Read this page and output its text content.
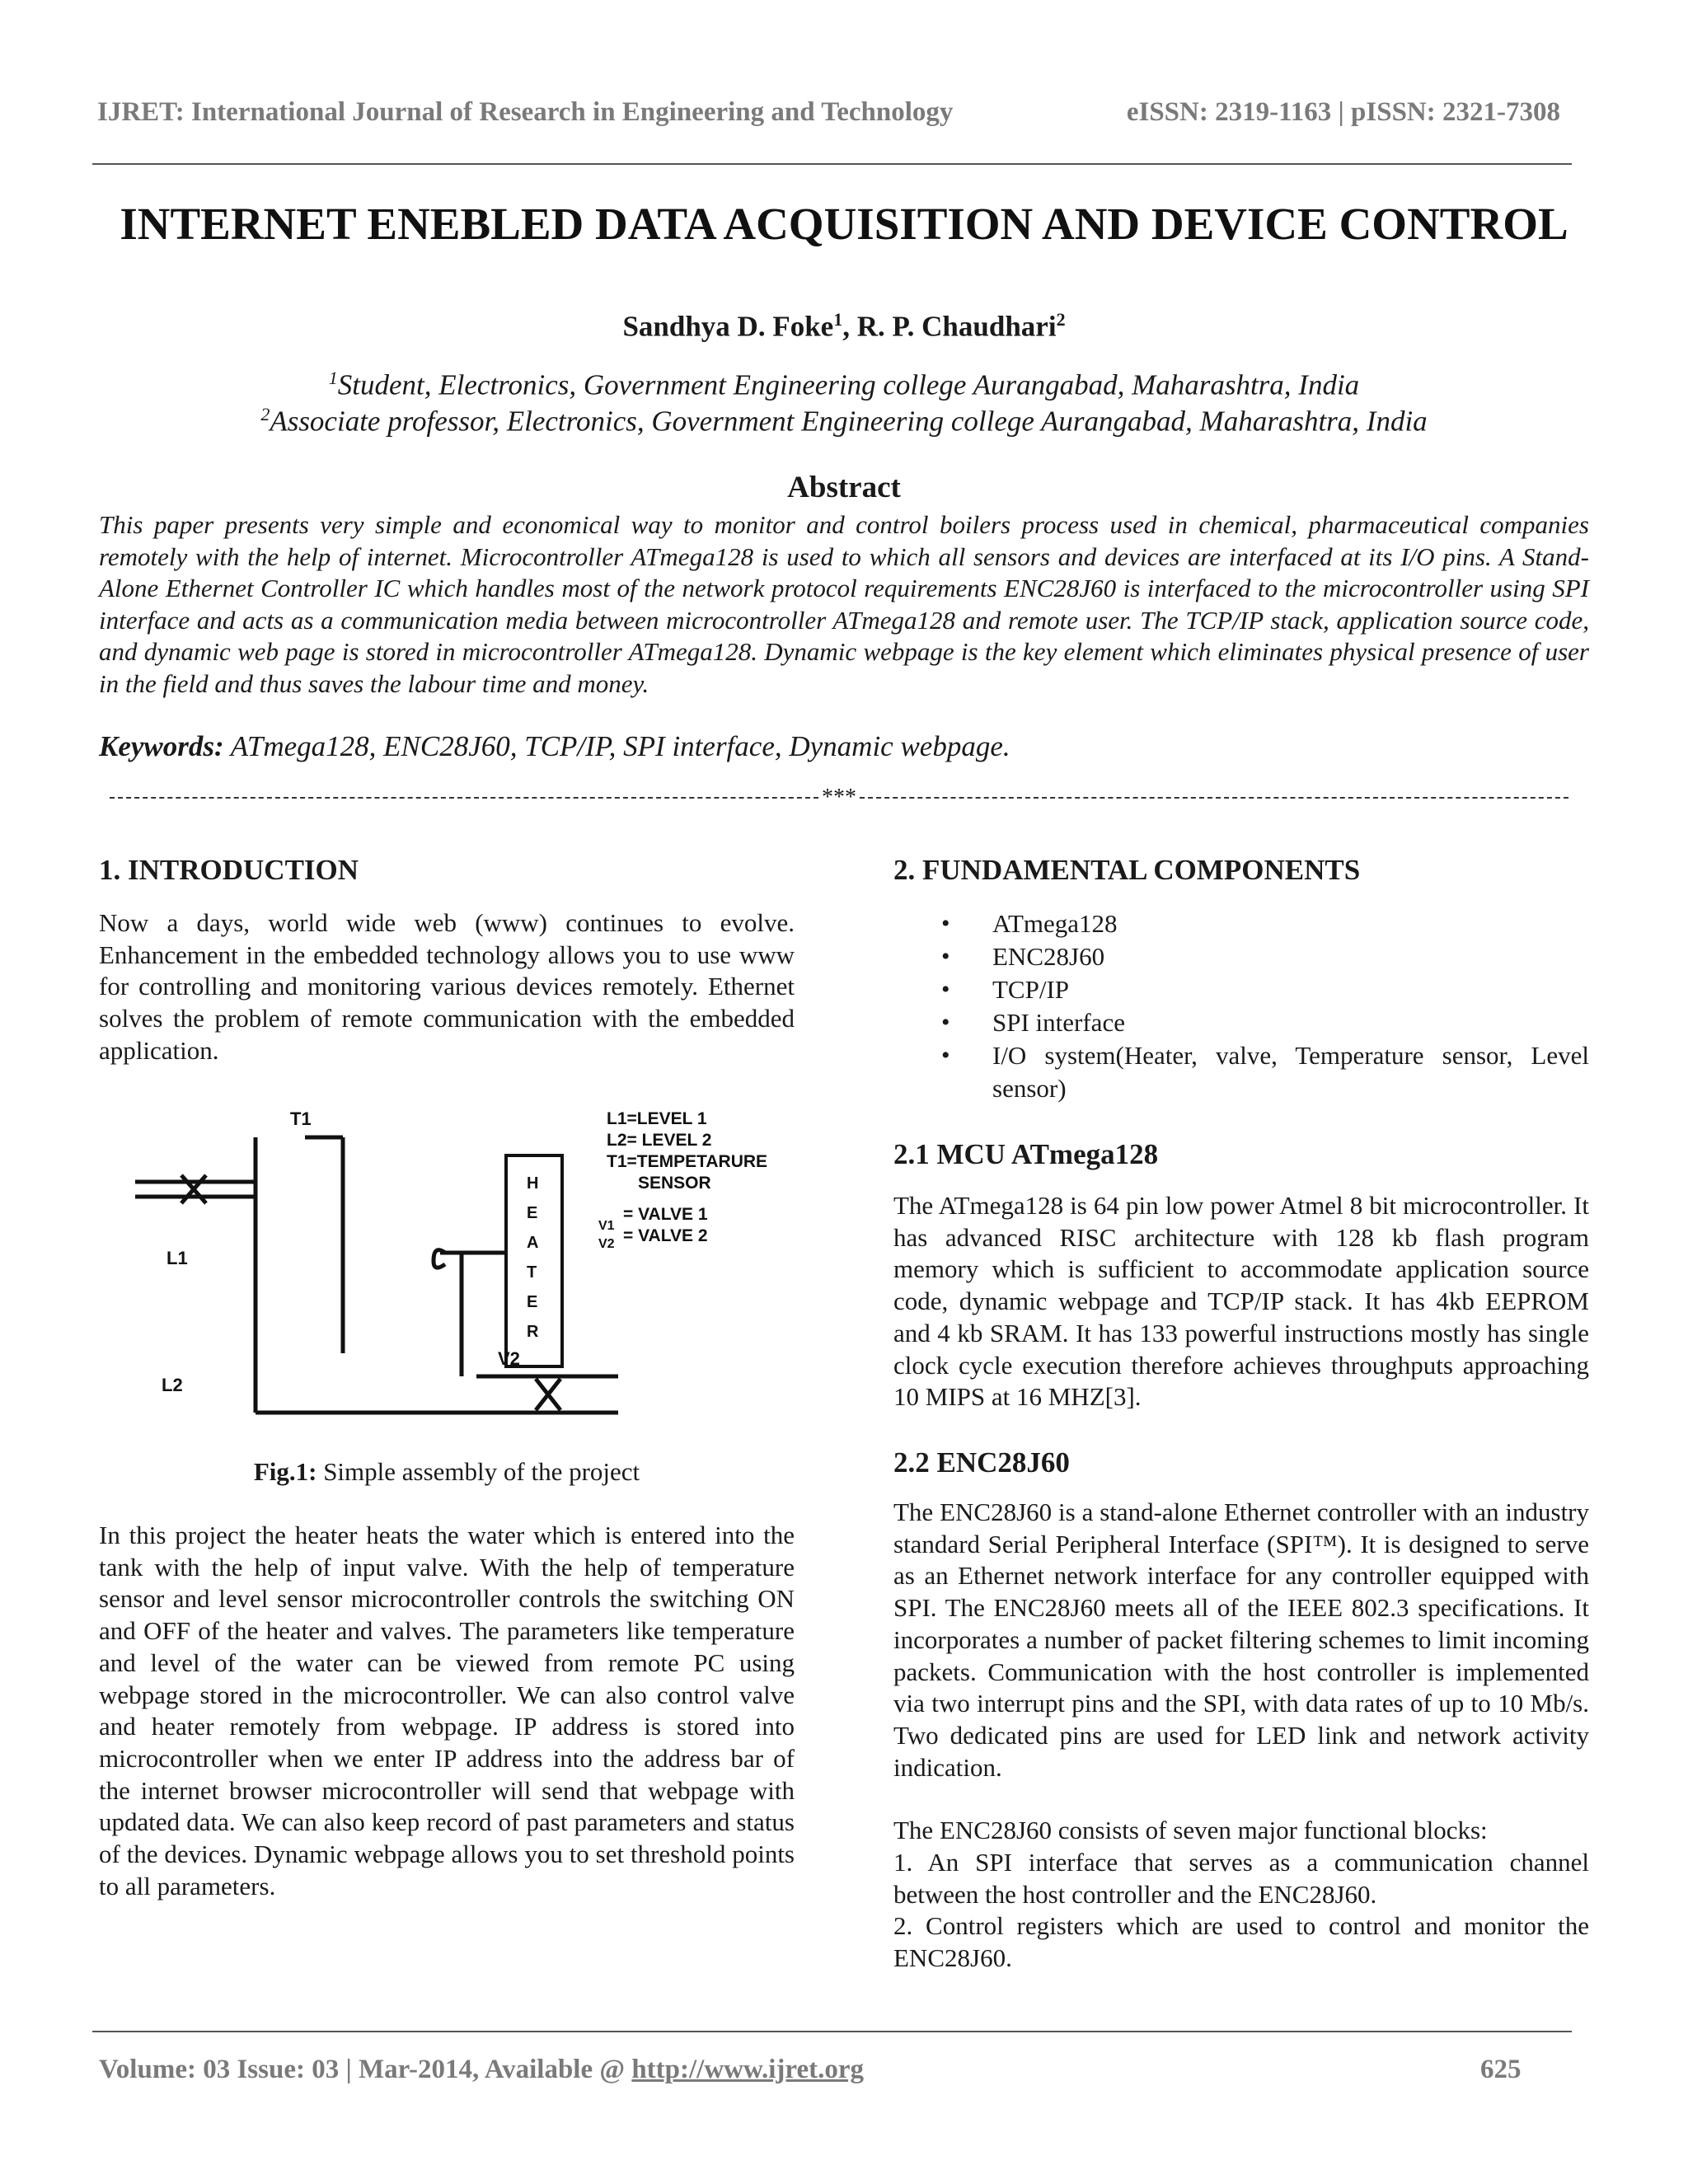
IJRET: International Journal of Research in Engineering and Technology	eISSN: 2319-1163 | pISSN: 2321-7308
INTERNET ENEBLED DATA ACQUISITION AND DEVICE CONTROL
Sandhya D. Foke$^1$, R. P. Chaudhari$^2$
$^1$Student, Electronics, Government Engineering college Aurangabad, Maharashtra, India
$^2$Associate professor, Electronics, Government Engineering college Aurangabad, Maharashtra, India
Abstract
This paper presents very simple and economical way to monitor and control boilers process used in chemical, pharmaceutical companies remotely with the help of internet. Microcontroller ATmega128 is used to which all sensors and devices are interfaced at its I/O pins. A Stand-Alone Ethernet Controller IC which handles most of the network protocol requirements ENC28J60 is interfaced to the microcontroller using SPI interface and acts as a communication media between microcontroller ATmega128 and remote user. The TCP/IP stack, application source code, and dynamic web page is stored in microcontroller ATmega128. Dynamic webpage is the key element which eliminates physical presence of user in the field and thus saves the labour time and money.
Keywords: ATmega128, ENC28J60, TCP/IP, SPI interface, Dynamic webpage.
***
1. INTRODUCTION
Now a days, world wide web (www) continues to evolve. Enhancement in the embedded technology allows you to use www for controlling and monitoring various devices remotely. Ethernet solves the problem of remote communication with the embedded application.
T1
L1
L2
V2
H
E
A
T
E
R
L1=LEVEL 1
L2= LEVEL 2
T1=TEMPETARURE
SENSOR
V1
= VALVE 1
V2 = VALVE 2
Fig.1: Simple assembly of the project
In this project the heater heats the water which is entered into the tank with the help of input valve. With the help of temperature sensor and level sensor microcontroller controls the switching ON and OFF of the heater and valves. The parameters like temperature and level of the water can be viewed from remote PC using webpage stored in the microcontroller. We can also control valve and heater remotely from webpage. IP address is stored into microcontroller when we enter IP address into the address bar of the internet browser microcontroller will send that webpage with updated data. We can also keep record of past parameters and status of the devices. Dynamic webpage allows you to set threshold points to all parameters.
2. FUNDAMENTAL COMPONENTS
• ATmega128
• ENC28J60
• TCP/IP
• SPI interface
• I/O system(Heater, valve, Temperature sensor, Level sensor)
2.1 MCU ATmega128
The ATmega128 is 64 pin low power Atmel 8 bit microcontroller. It has advanced RISC architecture with 128 kb flash program memory which is sufficient to accommodate application source code, dynamic webpage and TCP/IP stack. It has 4kb EEPROM and 4 kb SRAM. It has 133 powerful instructions mostly has single clock cycle execution therefore achieves throughputs approaching 10 MIPS at 16 MHZ[3].
2.2 ENC28J60

The ENC28J60 is a stand-alone Ethernet controller with an industry standard Serial Peripheral Interface (SPI™). It is designed to serve as an Ethernet network interface for any controller equipped with SPI. The ENC28J60 meets all of the IEEE 802.3 specifications. It incorporates a number of packet filtering schemes to limit incoming packets. Communication with the host controller is implemented via two interrupt pins and the SPI, with data rates of up to 10 Mb/s. Two dedicated pins are used for LED link and network activity indication.

The ENC28J60 consists of seven major functional blocks:

1. An SPI interface that serves as a communication channel between the host controller and the ENC28J60.

2. Control registers which are used to control and monitor the ENC28J60.

Volume: 03 Issue: 03 | Mar-2014, Available @ http://www.ijret.org	625
